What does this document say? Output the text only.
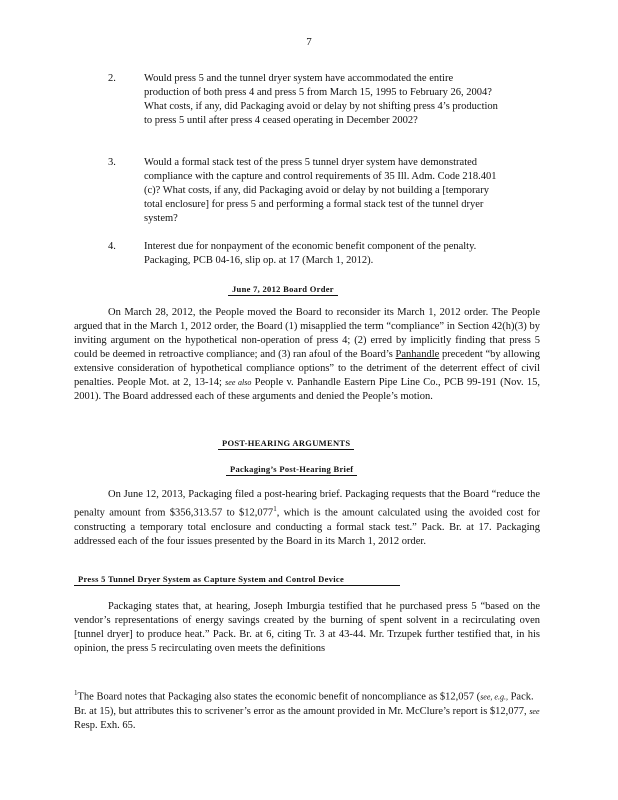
7
2.	Would press 5 and the tunnel dryer system have accommodated the entire production of both press 4 and press 5 from March 15, 1995 to February 26, 2004? What costs, if any, did Packaging avoid or delay by not shifting press 4’s production to press 5 until after press 4 ceased operating in December 2002?
3.	Would a formal stack test of the press 5 tunnel dryer system have demonstrated compliance with the capture and control requirements of 35 Ill. Adm. Code 218.401 (c)? What costs, if any, did Packaging avoid or delay by not building a [temporary total enclosure] for press 5 and performing a formal stack test of the tunnel dryer system?
4.	Interest due for nonpayment of the economic benefit component of the penalty. Packaging, PCB 04-16, slip op. at 17 (March 1, 2012).
June 7, 2012 Board Order

On March 28, 2012, the People moved the Board to reconsider its March 1, 2012 order. The People argued that in the March 1, 2012 order, the Board (1) misapplied the term “compliance” in Section 42(h)(3) by inviting argument on the hypothetical non-operation of press 4; (2) erred by implicitly finding that press 5 could be deemed in retroactive compliance; and (3) ran afoul of the Board’s Panhandle precedent “by allowing extensive consideration of hypothetical compliance options” to the detriment of the deterrent effect of civil penalties. People Mot. at 2, 13-14; see also People v. Panhandle Eastern Pipe Line Co., PCB 99-191 (Nov. 15, 2001). The Board addressed each of these arguments and denied the People’s motion.

POST-HEARING ARGUMENTS
Packaging’s Post-Hearing Brief

On June 12, 2013, Packaging filed a post-hearing brief. Packaging requests that the Board “reduce the penalty amount from $356,313.57 to $12,077$^1$, which is the amount calculated using the avoided cost for constructing a temporary total enclosure and conducting a formal stack test.” Pack. Br. at 17. Packaging addressed each of the four issues presented by the Board in its March 1, 2012 order.

Press 5 Tunnel Dryer System as Capture System and Control Device

Packaging states that, at hearing, Joseph Imburgia testified that he purchased press 5 “based on the vendor’s representations of energy savings created by the burning of spent solvent in a recirculating oven [tunnel dryer] to produce heat.” Pack. Br. at 6, citing Tr. 3 at 43-44. Mr. Trzupek further testified that, in his opinion, the press 5 recirculating oven meets the definitions

$^1$The Board notes that Packaging also states the economic benefit of noncompliance as $12,057 (see, e.g., Pack. Br. at 15), but attributes this to scrivener’s error as the amount provided in Mr. McClure’s report is $12,077, see Resp. Exh. 65.
